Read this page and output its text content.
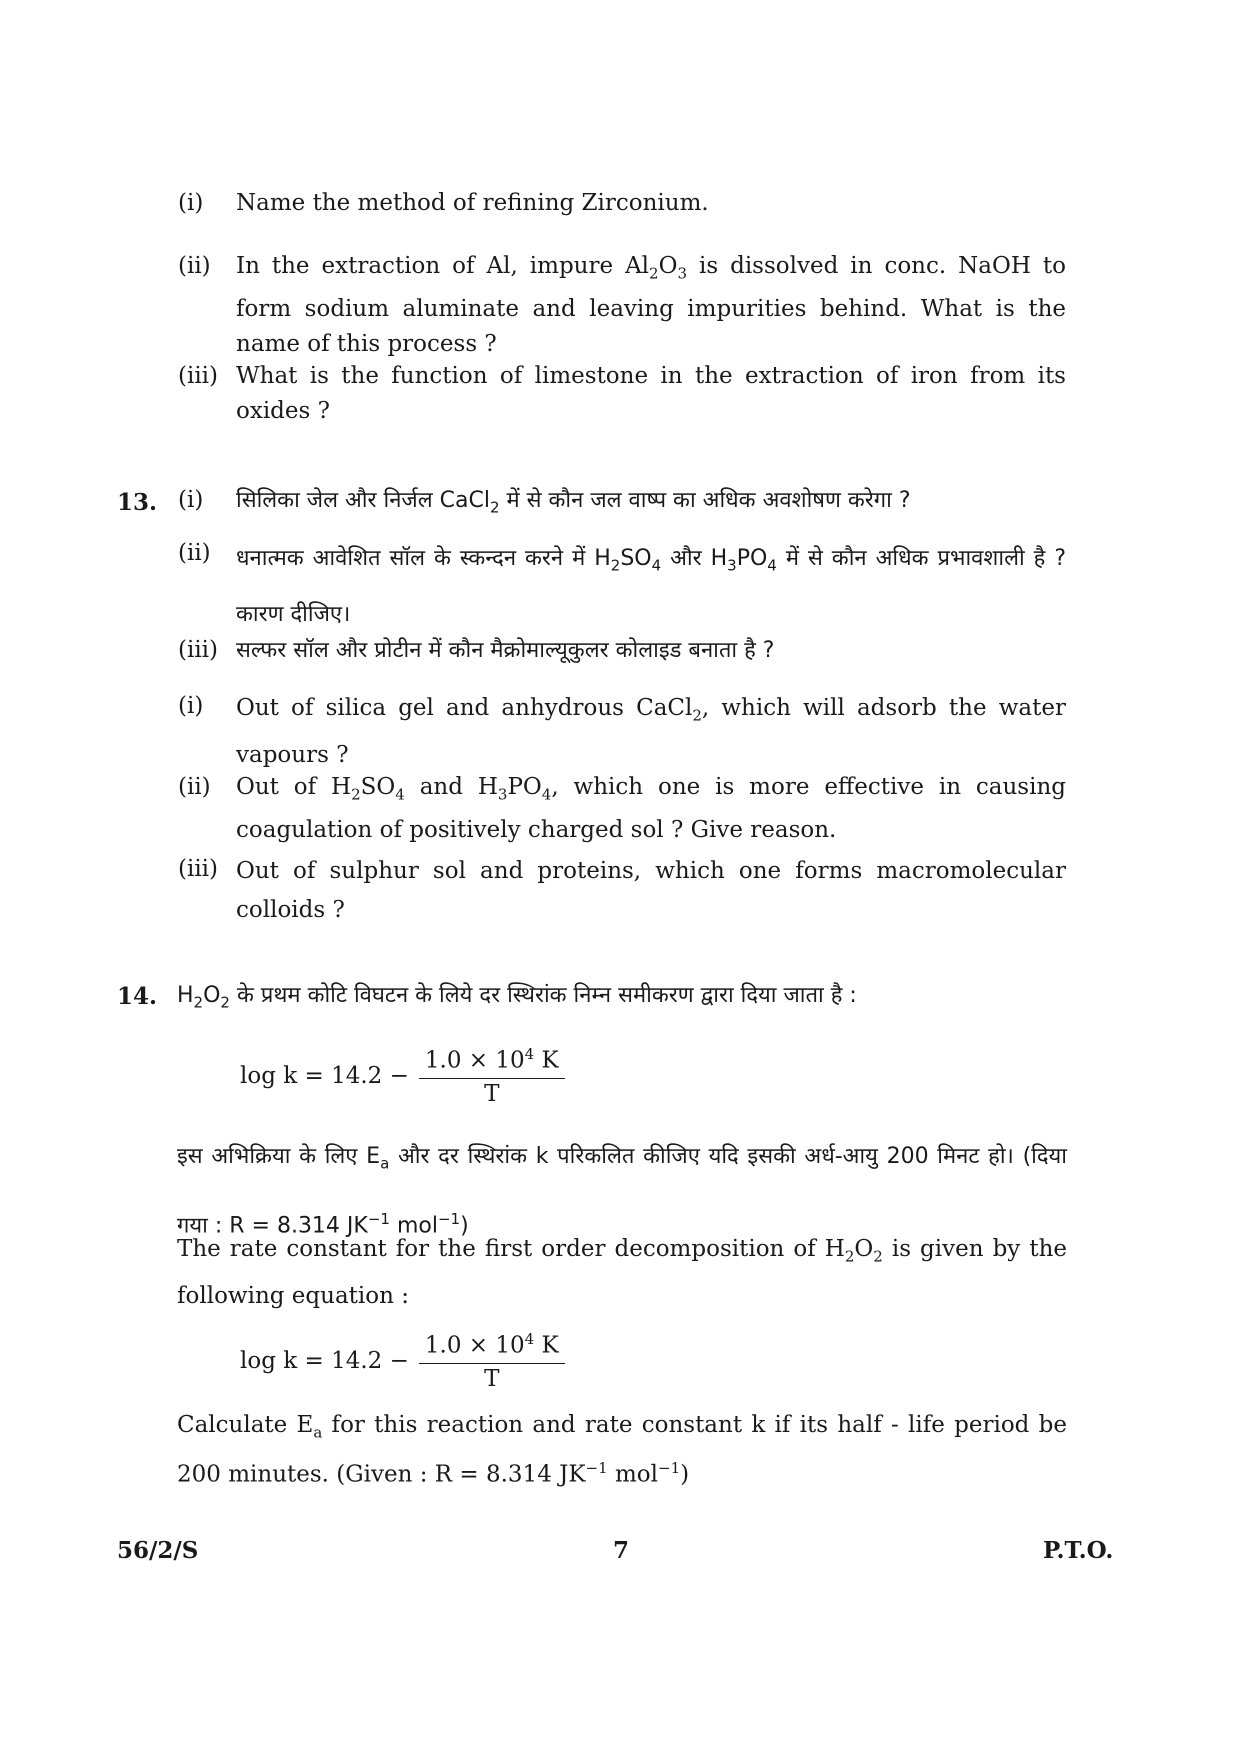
(i)	Name the method of refining Zirconium.
(ii)	In the extraction of Al, impure $Al_2O_3$ is dissolved in conc. NaOH to form sodium aluminate and leaving impurities behind. What is the name of this process ?
(iii) What is the function of limestone in the extraction of iron from its oxides ?
13. (i)	सिलिका जेल और निर्जल CaCl$_2$ में से कौन जल वाष्प का अधिक अवशोषण करेगा ?
(ii)	धनात्मक आवेशित सॉल के स्कन्दन करने में $H_2SO_4$ और $H_3PO_4$ में से कौन अधिक प्रभावशाली है ? कारण दीजिए।
(iii) सल्फर सॉल और प्रोटीन में कौन मैक्रोमाल्यूकुलर कोलाइड बनाता है ?
(i)	Out of silica gel and anhydrous CaCl$_2$, which will adsorb the water vapours ?
(ii)	Out of $H_2SO_4$ and $H_3PO_4$, which one is more effective in causing coagulation of positively charged sol ? Give reason.
(iii) Out of sulphur sol and proteins, which one forms macromolecular colloids ?
14. $H_2O_2$ के प्रथम कोटि विघटन के लिये दर स्थिरांक निम्न समीकरण द्वारा दिया जाता है :
$\log k = 14.2 - \frac{1.0 \times 10^4 K}{T}$
इस अभिक्रिया के लिए $E_a$ और दर स्थिरांक k परिकलित कीजिए यदि इसकी अर्ध-आयु 200 मिनट हो। (दिया गया : R = 8.314 $JK^{-1}$ mol$^{-1}$)
The rate constant for the first order decomposition of $H_2O_2$ is given by the following equation :
$\log k = 14.2 - \frac{1.0 \times 10^4 K}{T}$
Calculate $E_a$ for this reaction and rate constant k if its half - life period be 200 minutes. (Given : R = 8.314 $JK^{-1}$ mol$^{-1}$)
56/2/S	7	P.T.O.
